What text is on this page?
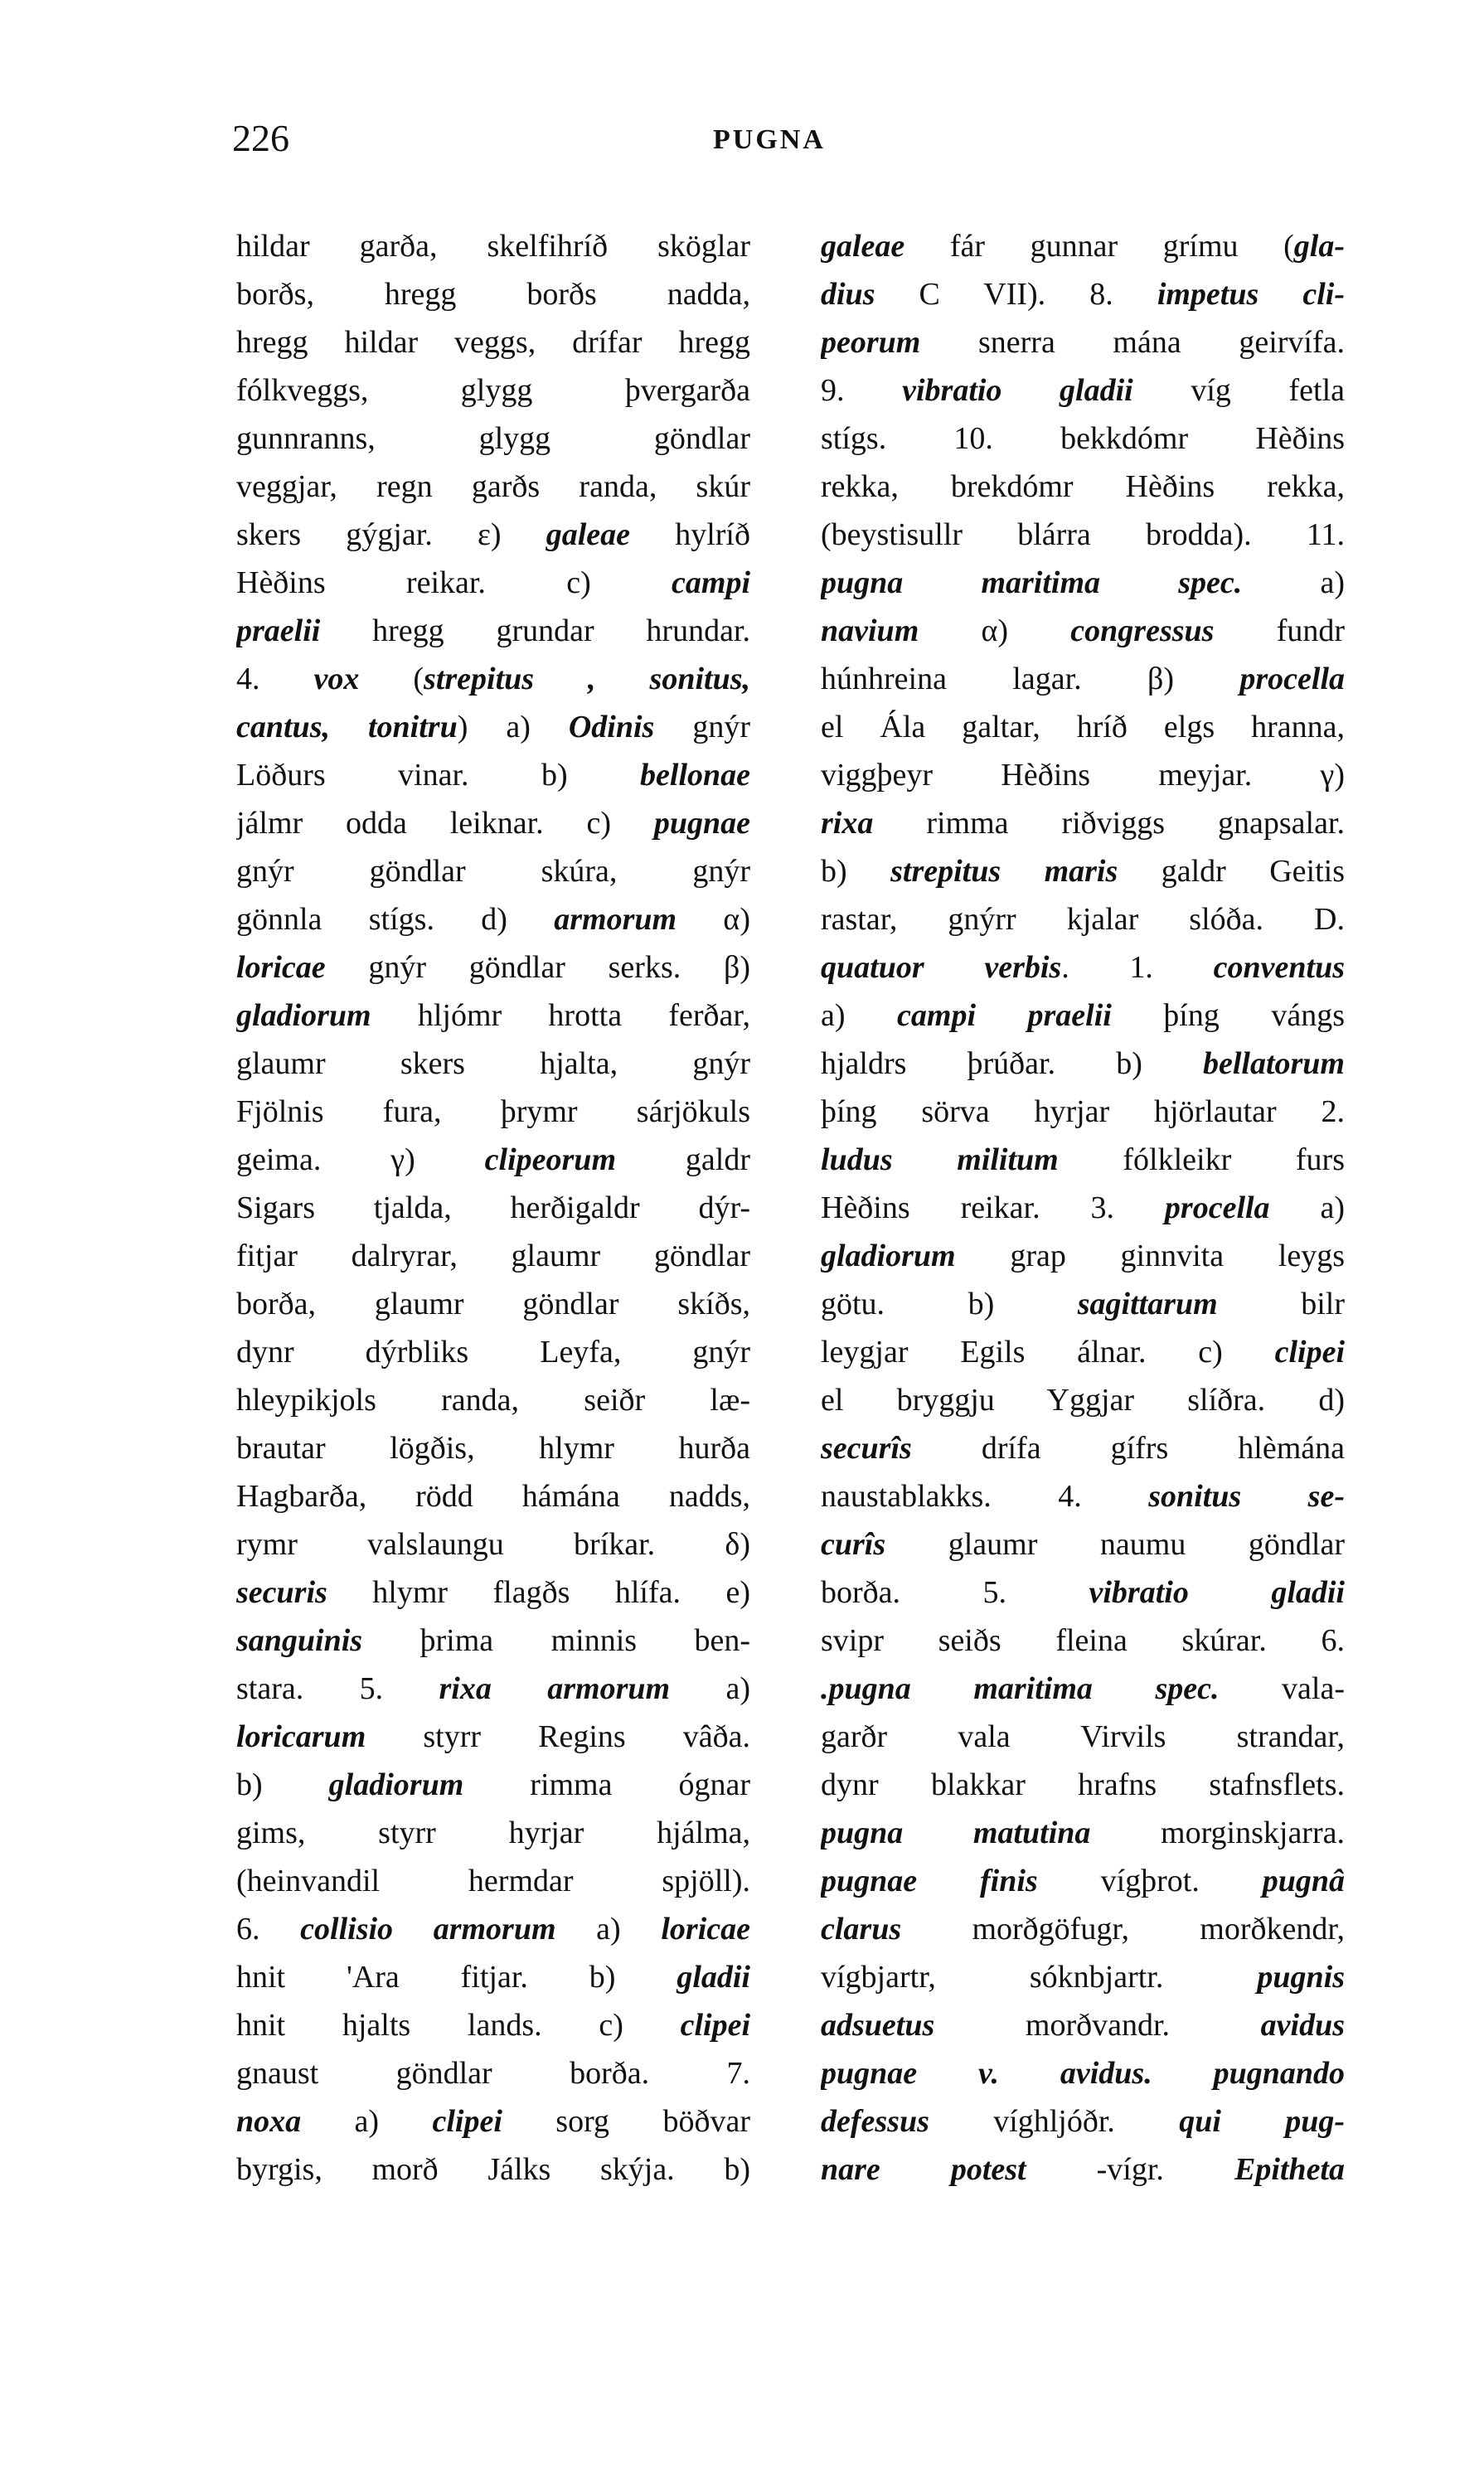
226	PUGNA
hildar garða, skelfihríð sköglar
borðs, hregg borðs nadda,
hregg hildar veggs, drífar hregg
fólkveggs, glygg þvergarða
gunnranns, glygg göndlar
veggjar, regn garðs randa, skúr
skers gýgjar. ε) galeae hylríð
Hèðins reikar. c) campi
praelii hregg grundar hrundar.
4. vox (strepitus , sonitus,
cantus, tonitru) a) Odinis gnýr
Löðurs vinar. b) bellonae
jálmr odda leiknar. c) pugnae
gnýr göndlar skúra, gnýr
gönnla stígs. d) armorum α)
loricae gnýr göndlar serks. β)
gladiorum hljómr hrotta ferðar,
glaumr skers hjalta, gnýr
Fjölnis fura, þrymr sárjökuls
geima. γ) clipeorum galdr
Sigars tjalda, herðigaldr dýr-
fitjar dalryrar, glaumr göndlar
borða, glaumr göndlar skíðs,
dynr dýrbliks Leyfa, gnýr
hleypikjols randa, seiðr læ-
brautar lögðis, hlymr hurða
Hagbarða, rödd hámána nadds,
rymr valslaungu bríkar. δ)
securis hlymr flagðs hlífa. e)
sanguinis þrima minnis ben-
stara. 5. rixa armorum a)
loricarum styrr Regins vâða.
b) gladiorum rimma ógnar
gims, styrr hyrjar hjálma,
(heinvandil hermdar spjöll).
6. collisio armorum a) loricae
hnit 'Ara fitjar. b) gladii
hnit hjalts lands. c) clipei
gnaust göndlar borða. 7.
noxa a) clipei sorg böðvar
byrgis, morð Jálks skýja. b)
galeae fár gunnar grímu (gla-
dius C VII). 8. impetus cli-
peorum snerra mána geirvífa.
9. vibratio gladii víg fetla
stígs. 10. bekkdómr Hèðins
rekka, brekdómr Hèðins rekka,
(beystisullr blárra brodda). 11.
pugna maritima spec. a)
navium α) congressus fundr
húnhreina lagar. β) procella
el Ála galtar, hríð elgs hranna,
viggþeyr Hèðins meyjar. γ)
rixa rimma riðviggs gnapsalar.
b) strepitus maris galdr Geitis
rastar, gnýrr kjalar slóða. D.
quatuor verbis. 1. conventus
a) campi praelii þíng vángs
hjaldrs þrúðar. b) bellatorum
þíng sörva hyrjar hjörlautar 2.
ludus militum fólkleikr furs
Hèðins reikar. 3. procella a)
gladiorum grap ginnvita leygs
götu. b) sagittarum bilr
leygjar Egils álnar. c) clipei
el bryggju Yggjar slíðra. d)
securîs drífa gífrs hlèmána
naustablakks. 4. sonitus se-
curîs glaumr naumu göndlar
borða. 5. vibratio gladii
svipr seiðs fleina skúrar. 6.
.pugna maritima spec. vala-
garðr vala Virvils strandar,
dynr blakkar hrafns stafnsflets.
pugna matutina morginskjarra.
pugnae finis vígþrot. pugnâ
clarus morðgöfugr, morðkendr,
vígbjartr, sóknbjartr. pugnis
adsuetus morðvandr. avidus
pugnae v. avidus. pugnando
defessus víghljóðr. qui pug-
nare potest -vígr. Epitheta
